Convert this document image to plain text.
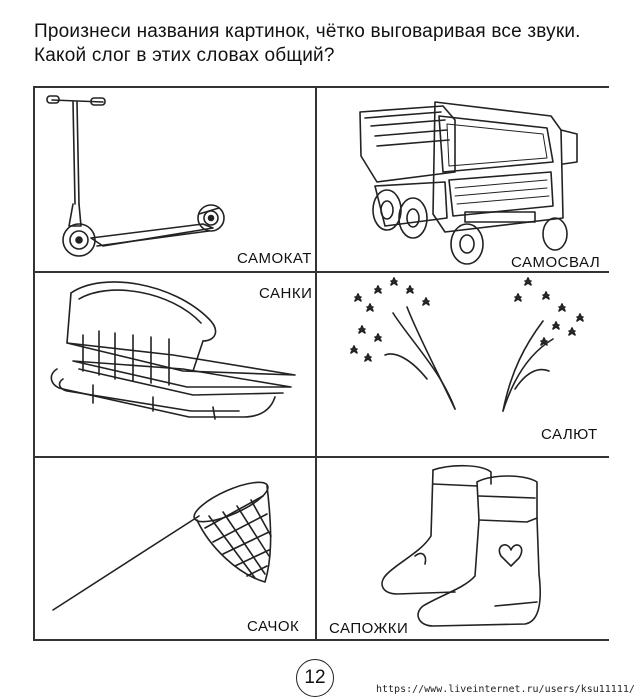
Произнеси названия картинок, чётко выговаривая все звуки.
Какой слог в этих словах общий?
САМОКАТ	САМОСВАЛ
САНКИ
САЛЮТ
САЧОК САПОЖКИ
12
https://www.liveinternet.ru/users/ksu11111/
